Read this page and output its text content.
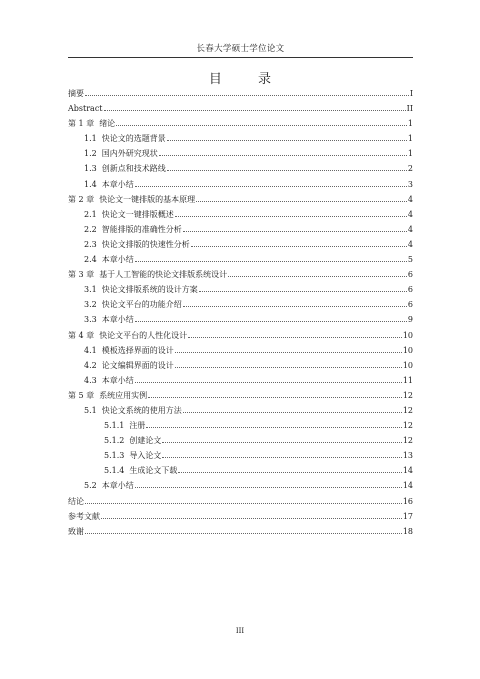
长春大学硕士学位论文
目 录
摘要	I
Abstract	II
第 1 章 绪论	1
1.1 快论文的选题背景	1
1.2 国内外研究现状	1
1.3 创新点和技术路线	2
1.4 本章小结	3
第 2 章 快论文一键排版的基本原理	4
2.1 快论文一键排版概述	4
2.2 智能排版的准确性分析	4
2.3 快论文排版的快速性分析	4
2.4 本章小结	5
第 3 章 基于人工智能的快论文排版系统设计	6
3.1 快论文排版系统的设计方案	6
3.2 快论文平台的功能介绍	6
3.3 本章小结	9
第 4 章 快论文平台的人性化设计	10
4.1 模板选择界面的设计	10
4.2 论文编辑界面的设计	10
4.3 本章小结	11
第 5 章 系统应用实例	12
5.1 快论文系统的使用方法	12
5.1.1 注册	12
5.1.2 创建论文	12
5.1.3 导入论文	13
5.1.4 生成论文下载	14
5.2 本章小结	14
结论	16
参考文献	17
致谢	18
III
